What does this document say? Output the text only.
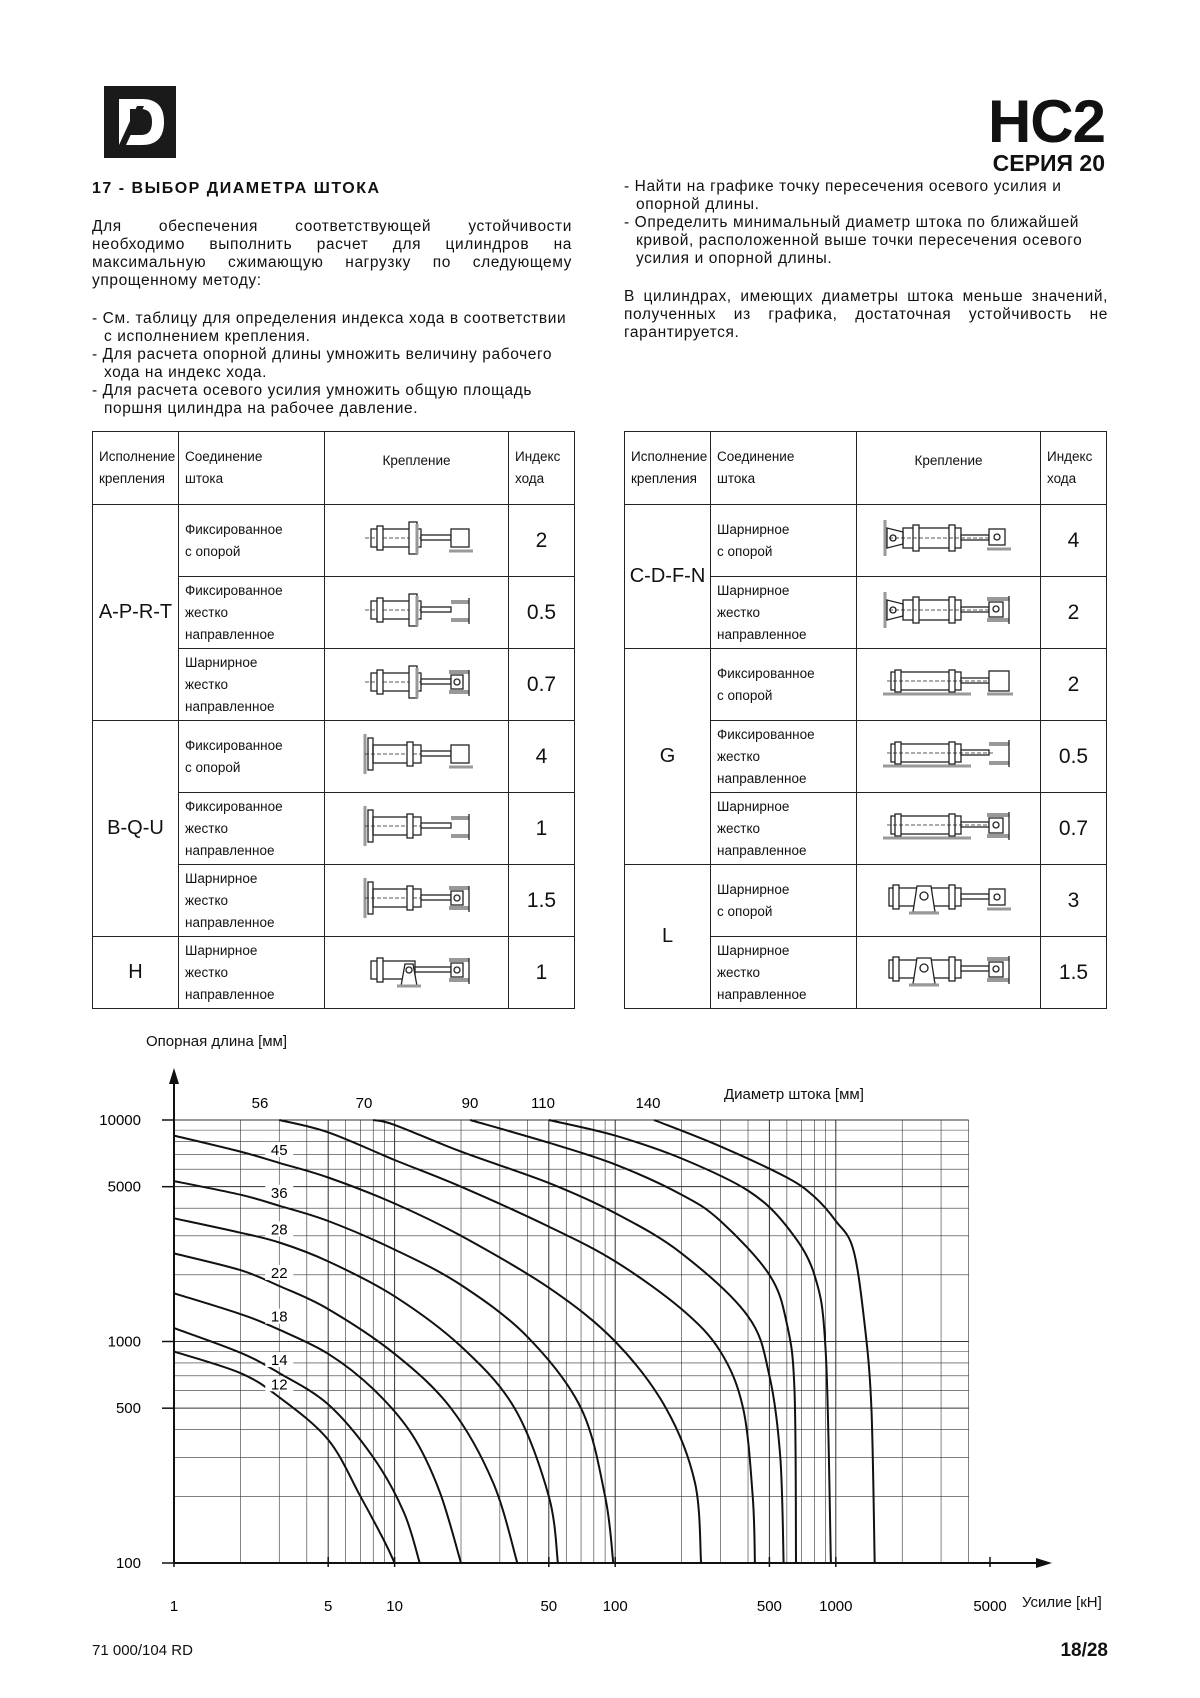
HC2
СЕРИЯ 20
17 - ВЫБОР ДИАМЕТРА ШТОКА
Для обеспечения соответствующей устойчивости необходимо выполнить расчет для цилиндров на максимальную сжимающую нагрузку по следующему упрощенному методу:
- См. таблицу для определения индекса хода в соответствии с исполнением крепления.
- Для расчета опорной длины умножить величину рабочего хода на индекс хода.
- Для расчета осевого усилия умножить общую площадь поршня цилиндра на рабочее давление.
- Найти на графике точку пересечения осевого усилия и опорной длины.
- Определить минимальный диаметр штока по ближайшей кривой, расположенной выше точки пересечения осевого усилия и опорной длины.
В цилиндрах, имеющих диаметры штока меньше значений, полученных из графика, достаточная устойчивость не гарантируется.
Исполнение
крепления	Соединение
штока	Крепление	Индекс
хода
A-P-R-T	Фиксированное
с опорой		2
	Фиксированное
жестко направленное		0.5
	Шарнирное
жестко направленное		0.7
B-Q-U	Фиксированное
с опорой		4
	Фиксированное
жестко направленное		1
	Шарнирное
жестко направленное		1.5
H	Шарнирное
жестко направленное		1
Исполнение
крепления	Соединение
штока	Крепление	Индекс
хода
C-D-F-N	Шарнирное
с опорой		4
	Шарнирное
жестко направленное		2
G	Фиксированное
с опорой		2
	Фиксированное
жестко направленное		0.5
	Шарнирное
жестко направленное		0.7
L	Шарнирное
с опорой		3
	Шарнирное
жестко направленное		1.5
Опорная длина [мм]
Диаметр штока [мм]
Усилие [кН]
12
14
18
22
28
36
45
1	5	10	50	100	500 1000	5000
10000
5000
1000
500
100
56	70	90	110	140
71 000/104 RD	18/28
